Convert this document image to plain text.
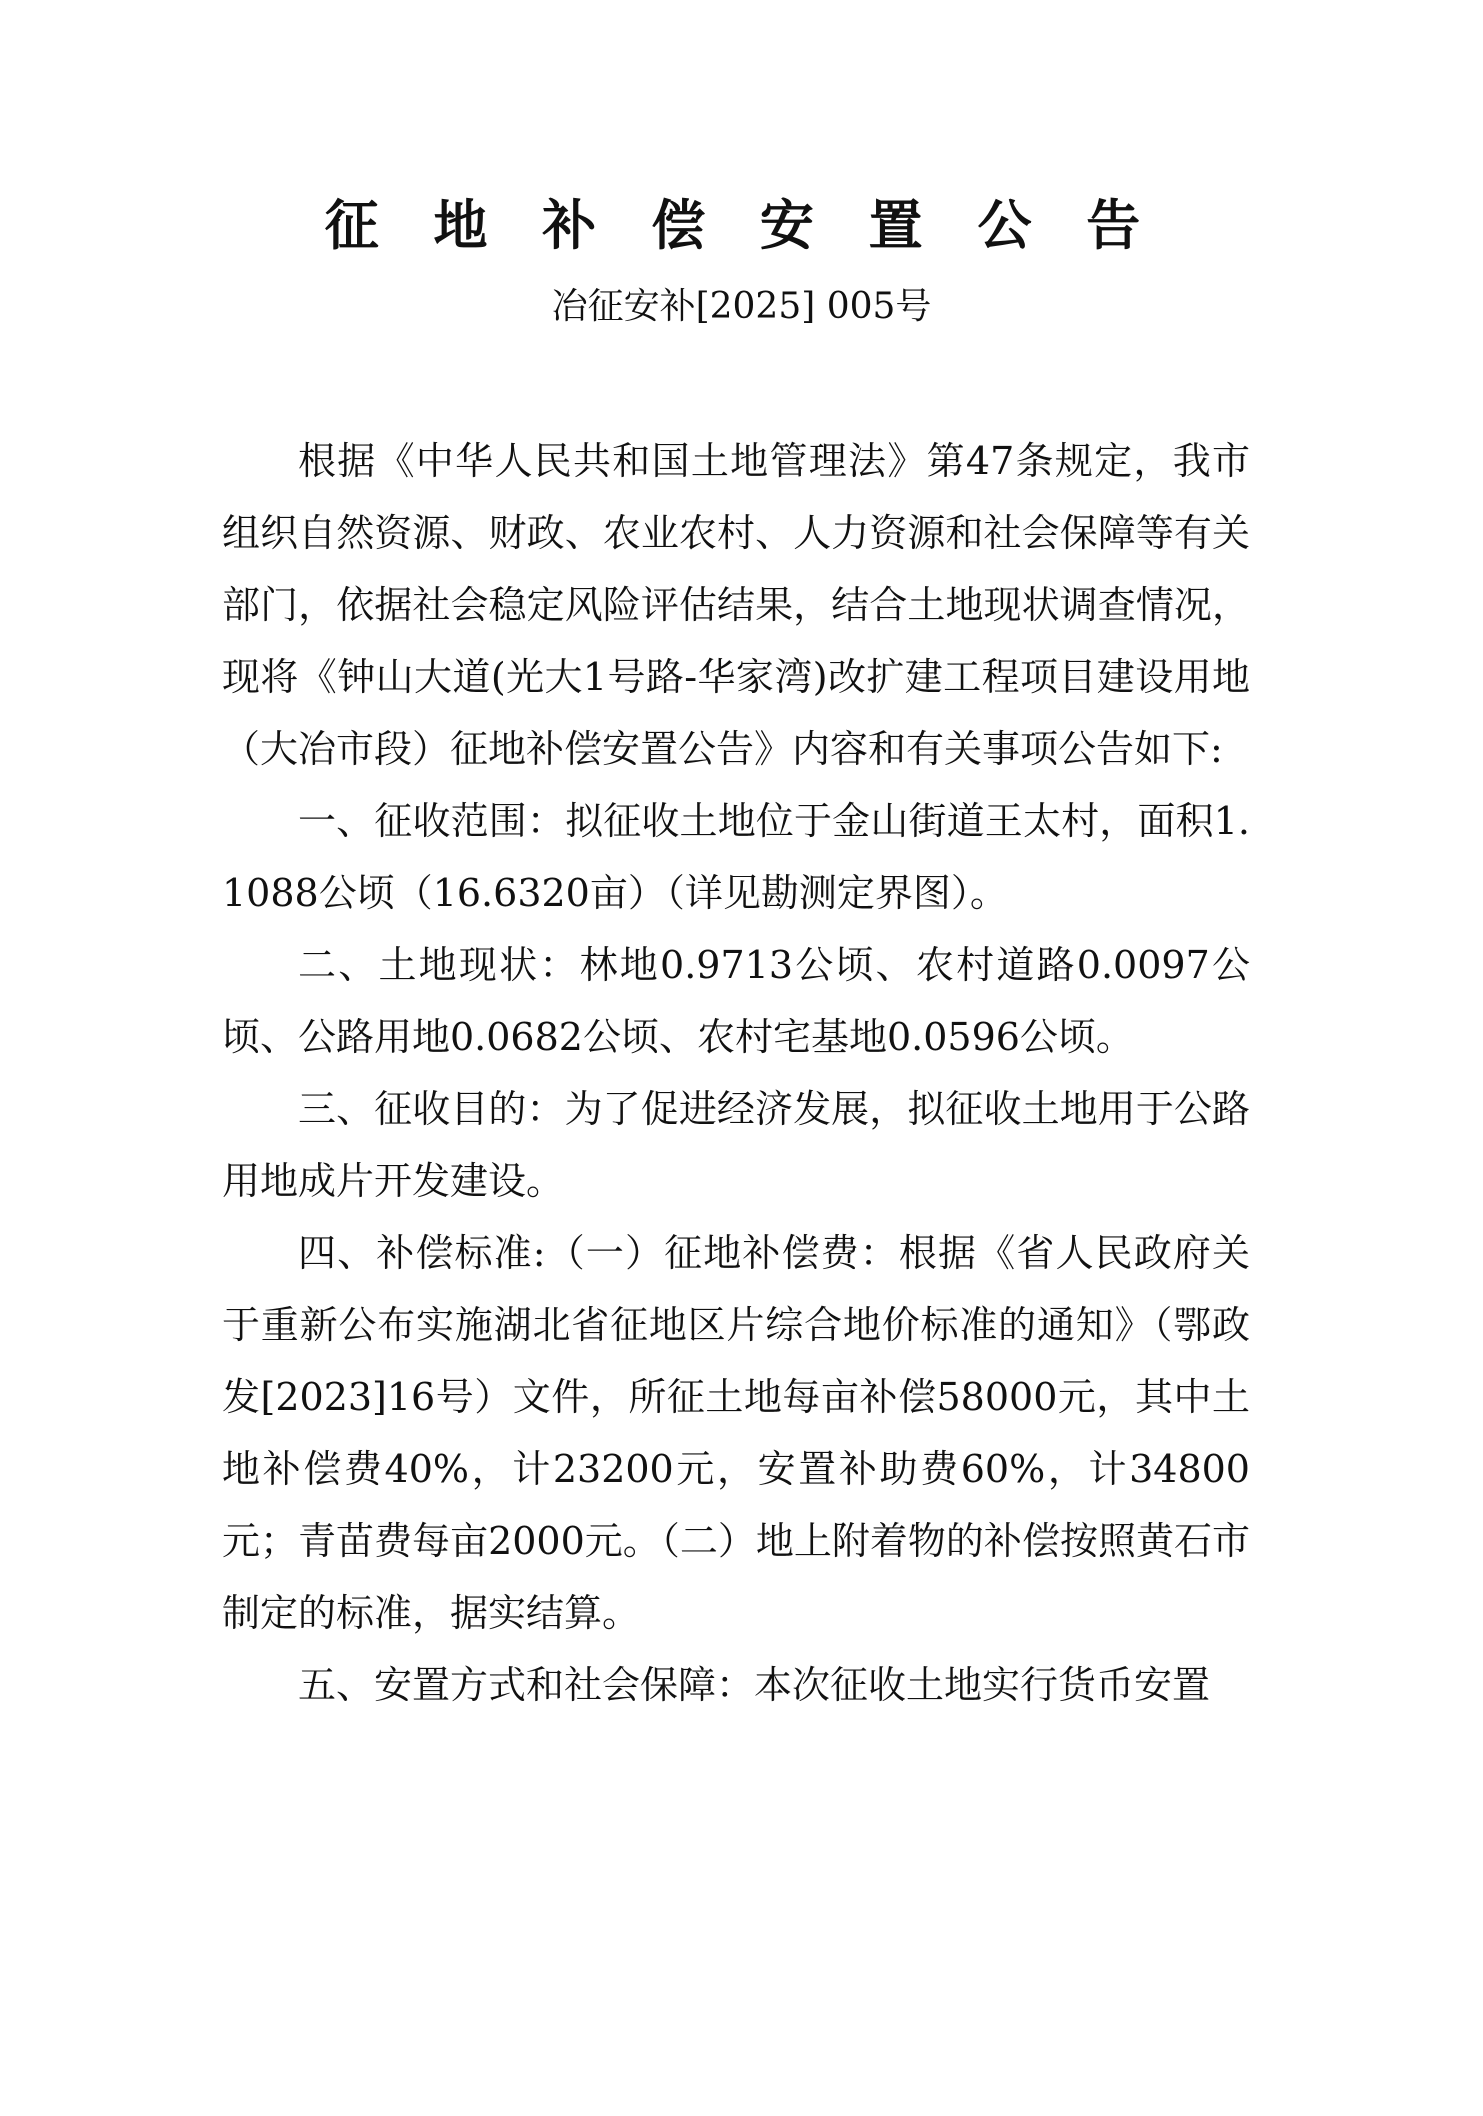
征 地 补 偿 安 置 公 告
冶征安补[2025] 005号

根据《中华人民共和国土地管理法》第47条规定，我市组织自然资源、财政、农业农村、人力资源和社会保障等有关部门，依据社会稳定风险评估结果，结合土地现状调查情况，现将《钟山大道(光大1号路-华家湾)改扩建工程项目建设用地（大冶市段）征地补偿安置公告》内容和有关事项公告如下:

一、征收范围：拟征收土地位于金山街道王太村，面积1.1088公顷（16.6320亩）（详见勘测定界图）。

二、土地现状：林地0.9713公顷、农村道路0.0097公顷、公路用地0.0682公顷、农村宅基地0.0596公顷。

三、征收目的：为了促进经济发展，拟征收土地用于公路用地成片开发建设。

四、补偿标准:（一）征地补偿费：根据《省人民政府关于重新公布实施湖北省征地区片综合地价标准的通知》（鄂政发[2023]16号）文件，所征土地每亩补偿58000元，其中土地补偿费40%，计23200元，安置补助费60%，计34800元；青苗费每亩2000元。（二）地上附着物的补偿按照黄石市制定的标准，据实结算。

五、安置方式和社会保障：本次征收土地实行货币安置
